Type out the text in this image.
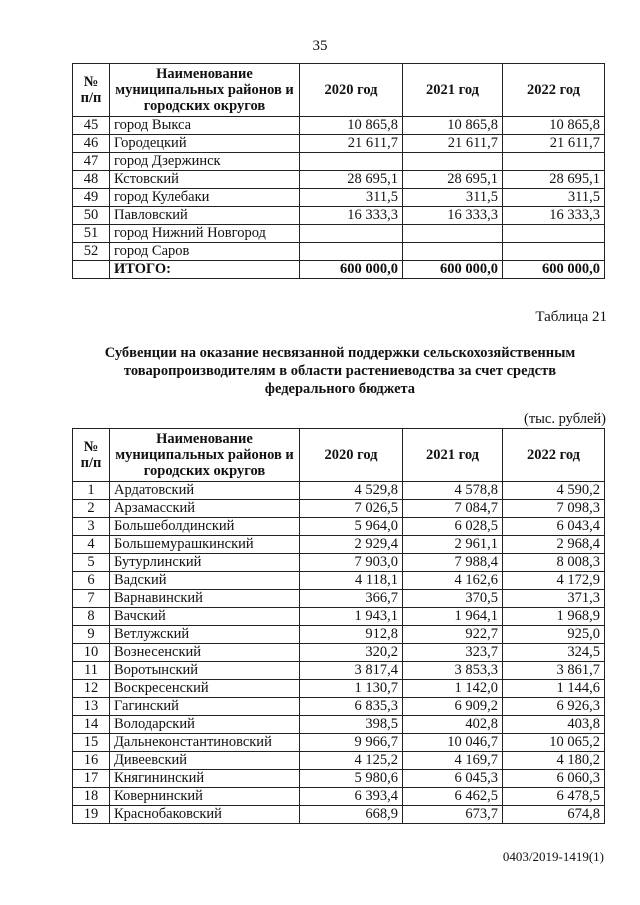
35
№ п/п	Наименование муниципальных районов и городских округов	2020 год	2021 год	2022 год
45	город Выкса	10 865,8	10 865,8	10 865,8
46	Городецкий	21 611,7	21 611,7	21 611,7
47	город Дзержинск			
48	Кстовский	28 695,1	28 695,1	28 695,1
49	город Кулебаки	311,5	311,5	311,5
50	Павловский	16 333,3	16 333,3	16 333,3
51	город Нижний Новгород			
52	город Саров			
	ИТОГО:	600 000,0	600 000,0	600 000,0
Таблица 21
Субвенции на оказание несвязанной поддержки сельскохозяйственным товаропроизводителям в области растениеводства за счет средств федерального бюджета
(тыс. рублей)
№ п/п	Наименование муниципальных районов и городских округов	2020 год	2021 год	2022 год
1	Ардатовский	4 529,8	4 578,8	4 590,2
2	Арзамасский	7 026,5	7 084,7	7 098,3
3	Большеболдинский	5 964,0	6 028,5	6 043,4
4	Большемурашкинский	2 929,4	2 961,1	2 968,4
5	Бутурлинский	7 903,0	7 988,4	8 008,3
6	Вадский	4 118,1	4 162,6	4 172,9
7	Варнавинский	366,7	370,5	371,3
8	Вачский	1 943,1	1 964,1	1 968,9
9	Ветлужский	912,8	922,7	925,0
10	Вознесенский	320,2	323,7	324,5
11	Воротынский	3 817,4	3 853,3	3 861,7
12	Воскресенский	1 130,7	1 142,0	1 144,6
13	Гагинский	6 835,3	6 909,2	6 926,3
14	Володарский	398,5	402,8	403,8
15	Дальнеконстантиновский	9 966,7	10 046,7	10 065,2
16	Дивеевский	4 125,2	4 169,7	4 180,2
17	Княгининский	5 980,6	6 045,3	6 060,3
18	Ковернинский	6 393,4	6 462,5	6 478,5
19	Краснобаковский	668,9	673,7	674,8
0403/2019-1419(1)
